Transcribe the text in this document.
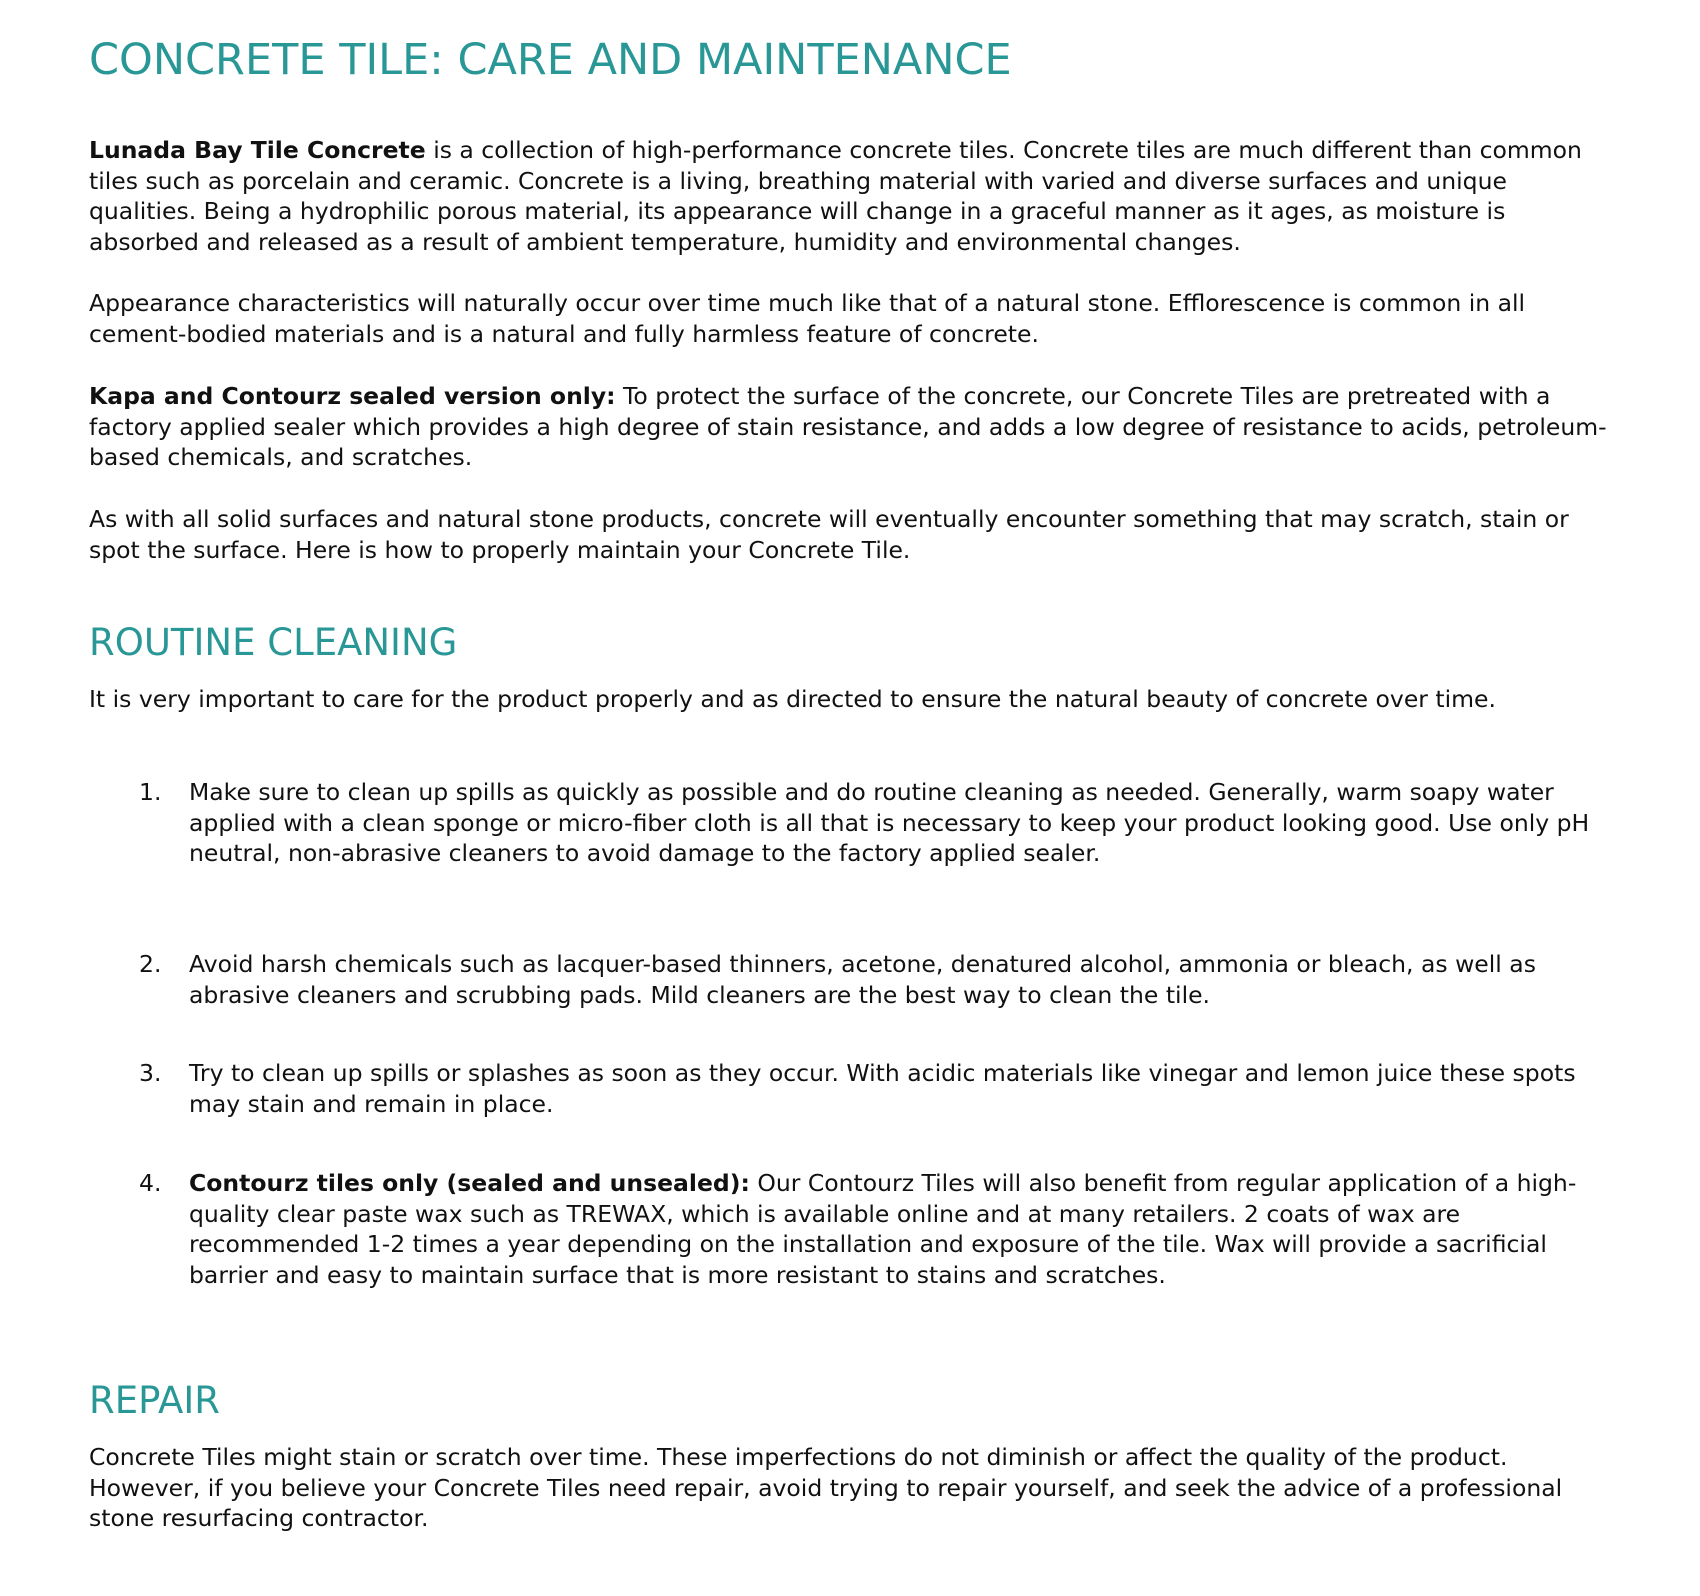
CONCRETE TILE: CARE AND MAINTENANCE

Lunada Bay Tile Concrete is a collection of high-performance concrete tiles. Concrete tiles are much different than common tiles such as porcelain and ceramic. Concrete is a living, breathing material with varied and diverse surfaces and unique qualities. Being a hydrophilic porous material, its appearance will change in a graceful manner as it ages, as moisture is absorbed and released as a result of ambient temperature, humidity and environmental changes.

Appearance characteristics will naturally occur over time much like that of a natural stone. Efflorescence is common in all cement-bodied materials and is a natural and fully harmless feature of concrete.

Kapa and Contourz sealed version only: To protect the surface of the concrete, our Concrete Tiles are pretreated with a factory applied sealer which provides a high degree of stain resistance, and adds a low degree of resistance to acids, petroleum-based chemicals, and scratches.

As with all solid surfaces and natural stone products, concrete will eventually encounter something that may scratch, stain or spot the surface. Here is how to properly maintain your Concrete Tile.

ROUTINE CLEANING

It is very important to care for the product properly and as directed to ensure the natural beauty of concrete over time.

1.	Make sure to clean up spills as quickly as possible and do routine cleaning as needed. Generally, warm soapy water applied with a clean sponge or micro-fiber cloth is all that is necessary to keep your product looking good. Use only pH neutral, non-abrasive cleaners to avoid damage to the factory applied sealer.
2.	Avoid harsh chemicals such as lacquer-based thinners, acetone, denatured alcohol, ammonia or bleach, as well as abrasive cleaners and scrubbing pads. Mild cleaners are the best way to clean the tile.
3.	Try to clean up spills or splashes as soon as they occur. With acidic materials like vinegar and lemon juice these spots may stain and remain in place.
4.	Contourz tiles only (sealed and unsealed): Our Contourz Tiles will also benefit from regular application of a high-quality clear paste wax such as TREWAX, which is available online and at many retailers. 2 coats of wax are recommended 1-2 times a year depending on the installation and exposure of the tile. Wax will provide a sacrificial barrier and easy to maintain surface that is more resistant to stains and scratches.
REPAIR

Concrete Tiles might stain or scratch over time. These imperfections do not diminish or affect the quality of the product. However, if you believe your Concrete Tiles need repair, avoid trying to repair yourself, and seek the advice of a professional stone resurfacing contractor.
